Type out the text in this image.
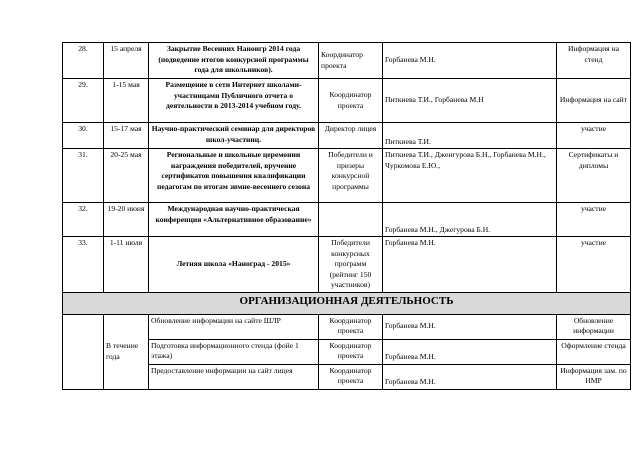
28.	15 апреля	Закрытие Весенних Наноигр 2014 года (подведение итогов конкурсной программы года для школьников).	Координатор проекта	Горбанева М.Н.	Информация на стенд
29.	1-15 мая	Размещение в сети Интернет школами-участницами Публичного отчета о деятельности в 2013-2014 учебном году.	Координатор проекта	Питкиева Т.И., Горбанева М.Н	Информация на сайт
30.	15-17 мая	Научно-практический семинар для директоров школ-участниц.	Директор лицея	Питкиева Т.И.	участие
31.	20-25 мая	Региональные и школьные церемонии награждения победителей, вручение сертификатов повышения квалификации педагогам по итогам зимне-весеннего сезона	Победители и призеры конкурсной программы	Питкиева Т.И., Дженгурова Б.Н., Горбанева М.Н., Чуркомова Е.Ю.,	Сертификаты и дипломы
32.	19-20 июня	Международная научно-практическая конференция «Альтернативное образование»		Горбанева М.Н., Джегурова Б.Н.	участие
33.	1-11 июля	Летняя школа «Наноград - 2015»	Победители конкурсных программ (рейтинг 150 участников)	Горбанева М.Н.	участие
ОРГАНИЗАЦИОННАЯ ДЕЯТЕЛЬНОСТЬ					
	В течение года	Обновление информации на сайте ШЛР	Координатор проекта	Горбанева М.Н.	Обновление информации
		Подготовка информационного стенда (фойе 1 этажа)	Координатор проекта	Горбанева М.Н.	Оформление стенда
		Предоставление информации на сайт лицея	Координатор проекта	Горбанева М.Н.	Информация зам. по НМР
